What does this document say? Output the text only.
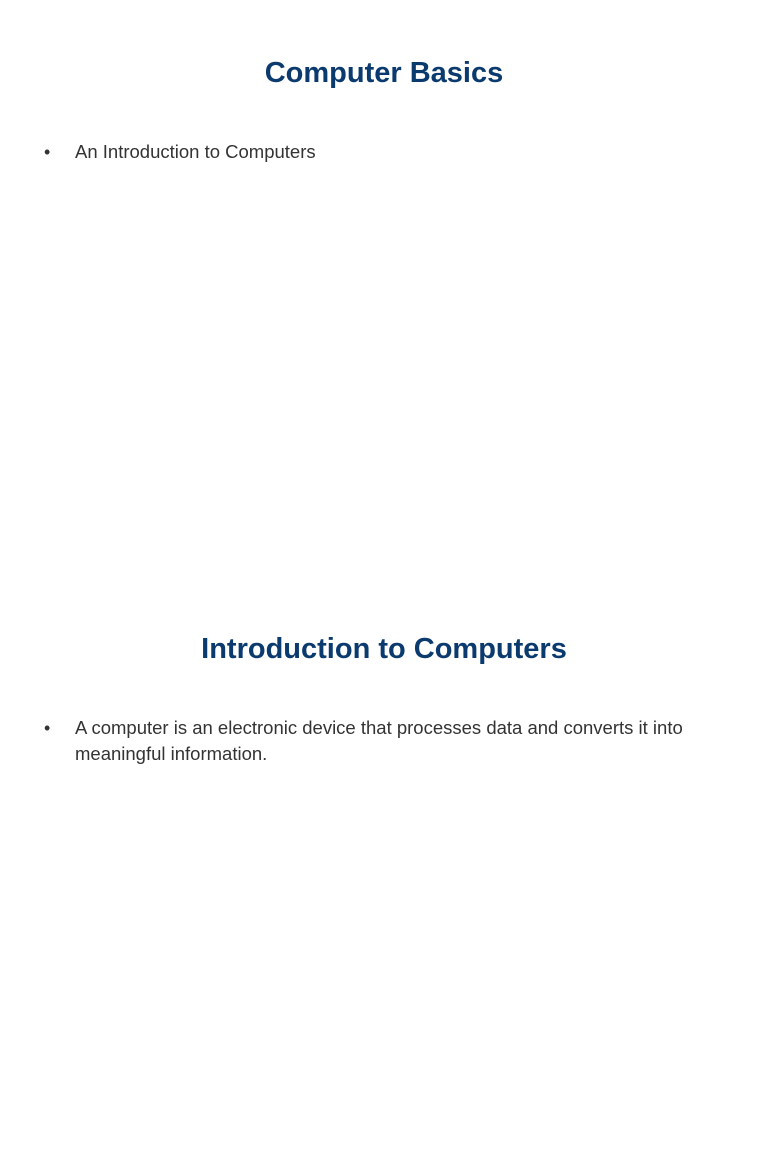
Computer Basics
• An Introduction to Computers
Introduction to Computers
• A computer is an electronic device that processes data and converts it into meaningful information.
